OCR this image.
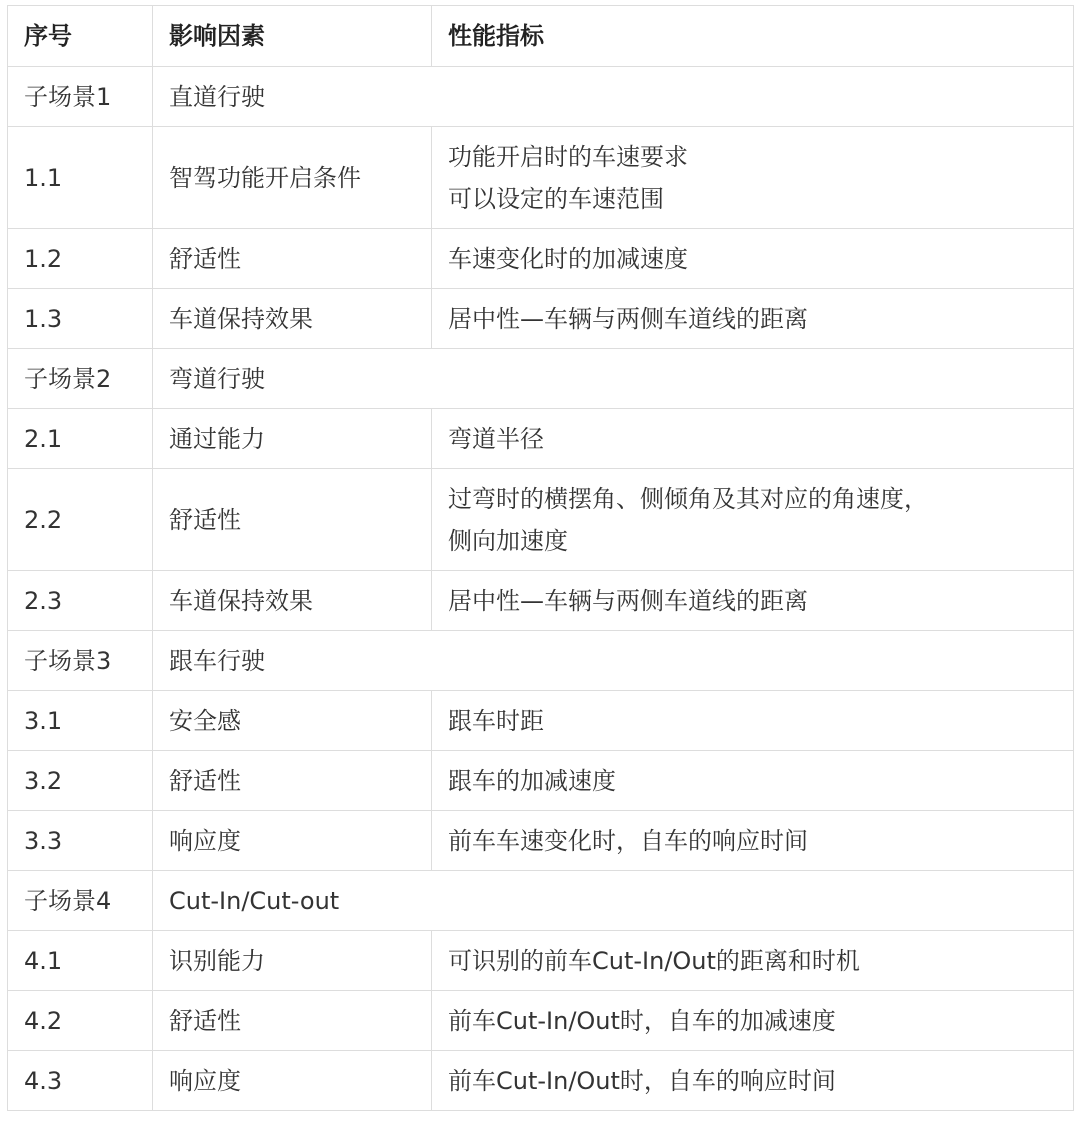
序号	影响因素	性能指标
子场景1	直道行驶	
1.1	智驾功能开启条件	功能开启时的车速要求
可以设定的车速范围

1.2	舒适性	车速变化时的加减速度

1.3	车道保持效果	居中性—车辆与两侧车道线的距离

子场景2	弯道行驶	
2.1	通过能力	弯道半径

2.2	舒适性	过弯时的横摆角、侧倾角及其对应的角速度，
侧向加速度

2.3	车道保持效果	居中性—车辆与两侧车道线的距离

子场景3	跟车行驶	
3.1	安全感	跟车时距

3.2	舒适性	跟车的加减速度

3.3	响应度	前车车速变化时，自车的响应时间

子场景4	Cut-In/Cut-out	
4.1	识别能力	可识别的前车Cut-In/Out的距离和时机

4.2	舒适性	前车Cut-In/Out时，自车的加减速度

4.3	响应度	前车Cut-In/Out时，自车的响应时间
